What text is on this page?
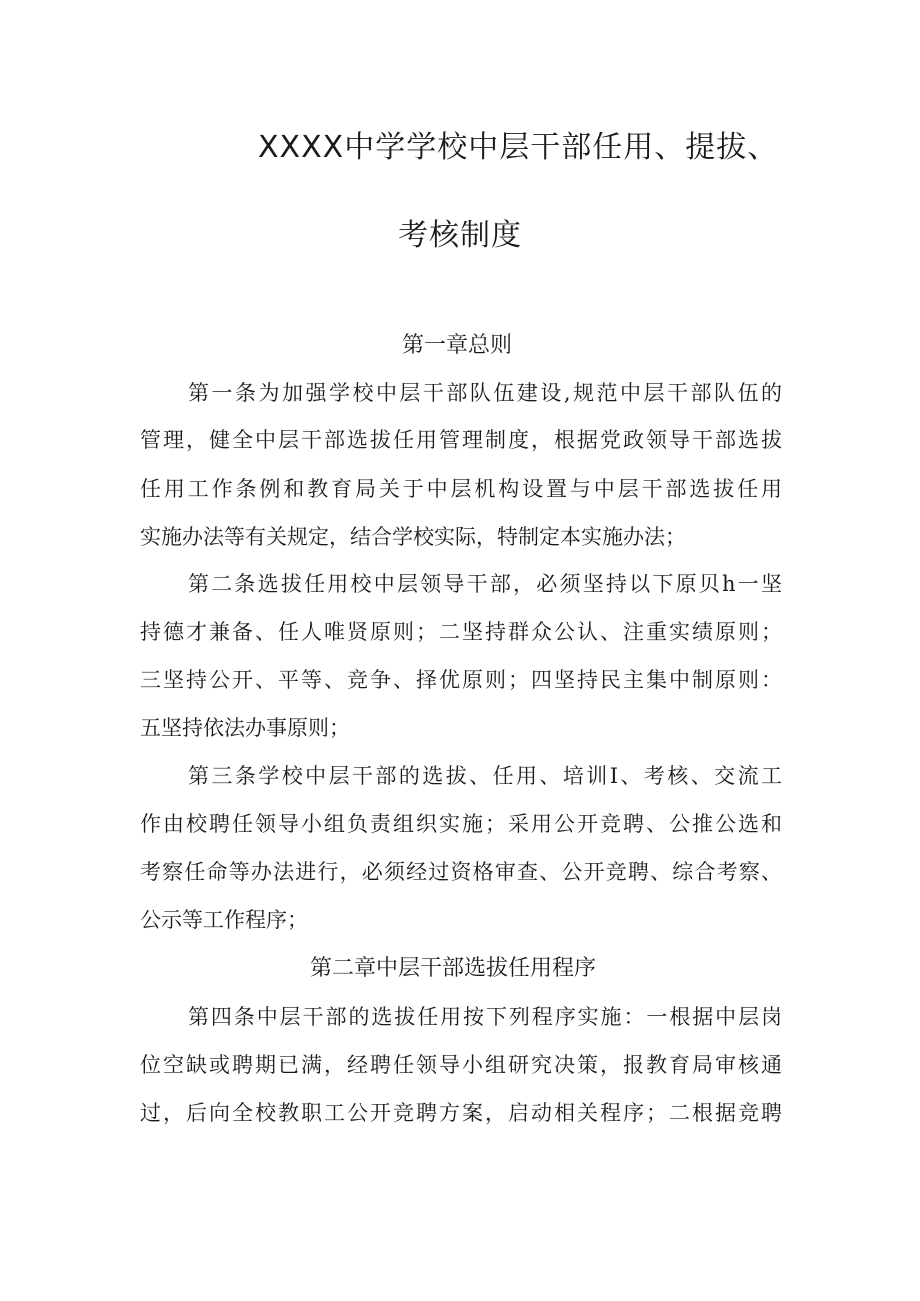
XXXX中学学校中层干部任用、提拔、
考核制度
第一章总则
第一条为加强学校中层干部队伍建设,规范中层干部队伍的
管理，健全中层干部选拔任用管理制度，根据党政领导干部选拔
任用工作条例和教育局关于中层机构设置与中层干部选拔任用
实施办法等有关规定，结合学校实际，特制定本实施办法；
第二条选拔任用校中层领导干部，必须坚持以下原贝h一坚
持德才兼备、任人唯贤原则；二坚持群众公认、注重实绩原则；
三坚持公开、平等、竞争、择优原则；四坚持民主集中制原则：
五坚持依法办事原则；
第三条学校中层干部的选拔、任用、培训I、考核、交流工
作由校聘任领导小组负责组织实施；采用公开竞聘、公推公选和
考察任命等办法进行，必须经过资格审查、公开竞聘、综合考察、
公示等工作程序；
第二章中层干部选拔任用程序
第四条中层干部的选拔任用按下列程序实施：一根据中层岗
位空缺或聘期已满，经聘任领导小组研究决策，报教育局审核通
过，后向全校教职工公开竞聘方案，启动相关程序；二根据竞聘
